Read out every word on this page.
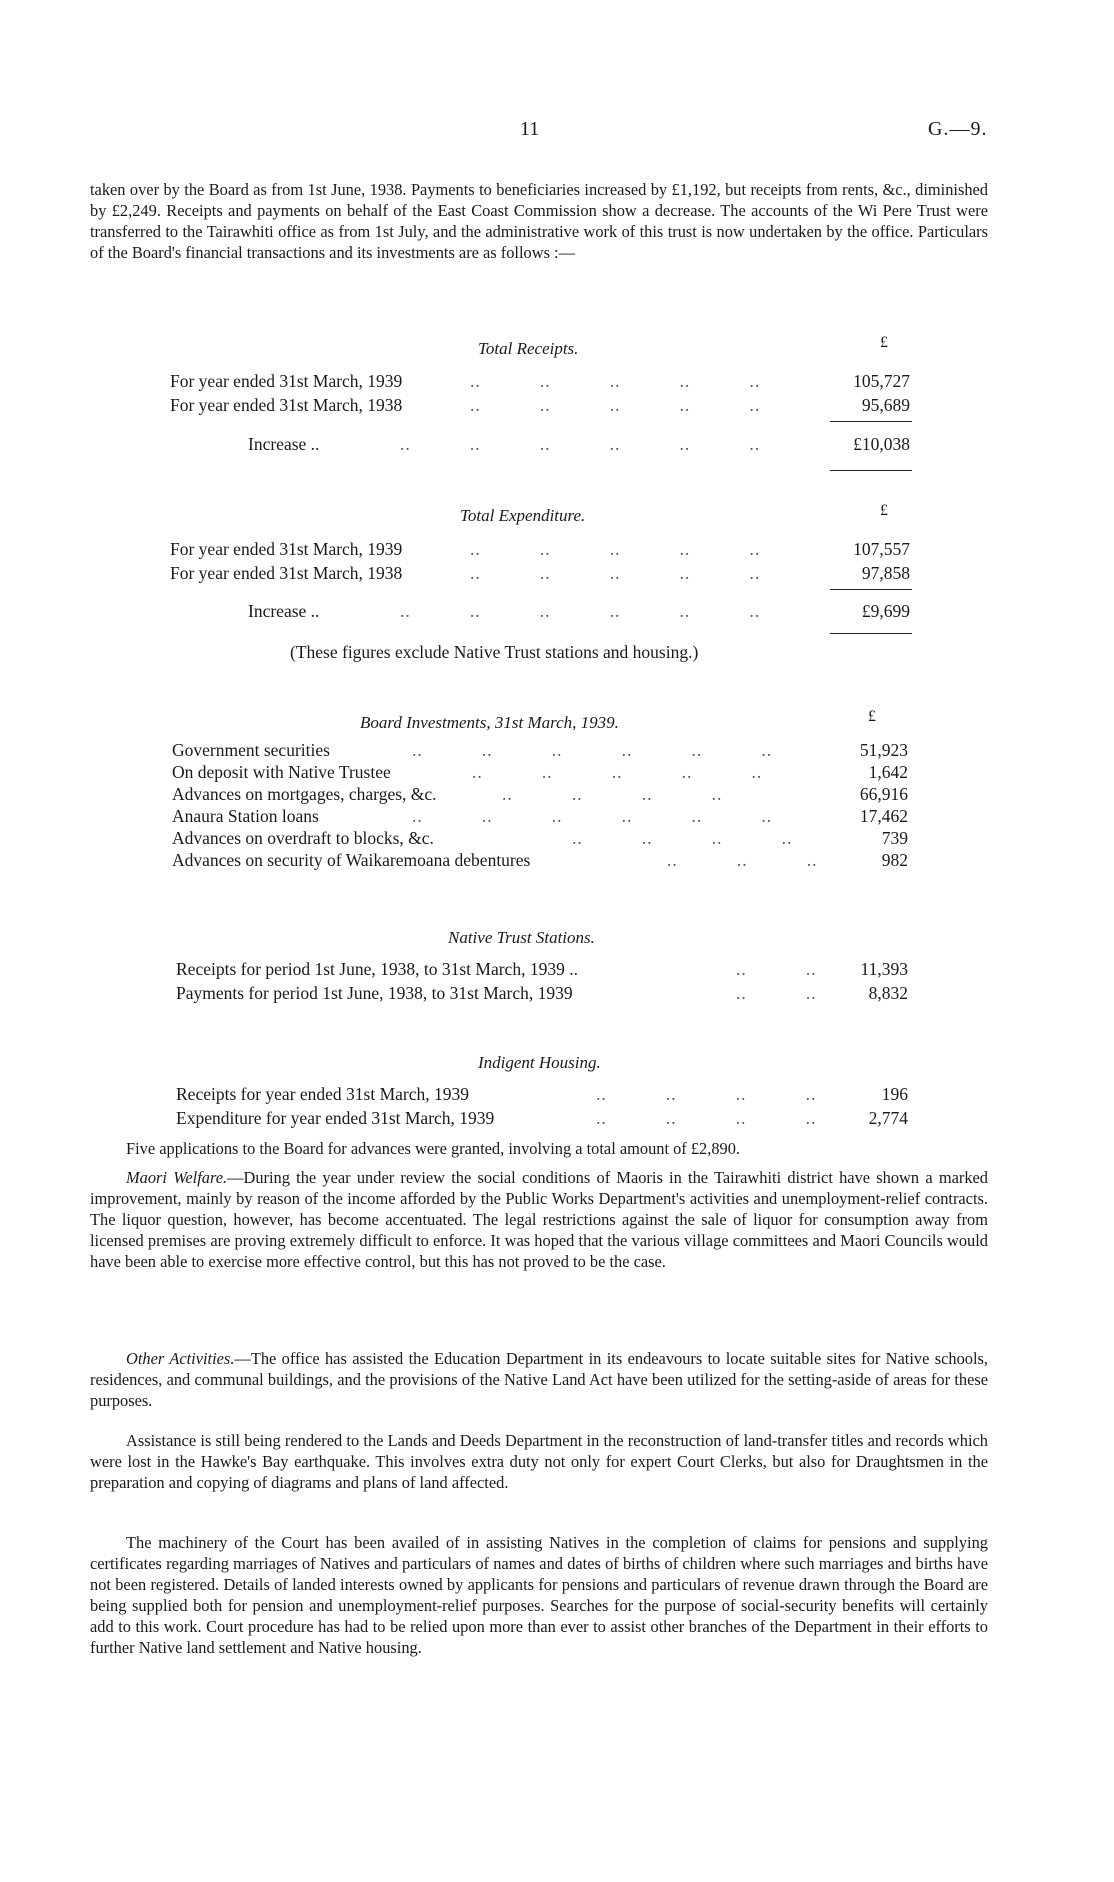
11	G.—9.

taken over by the Board as from 1st June, 1938. Payments to beneficiaries increased by £1,192, but receipts from rents, &c., diminished by £2,249. Receipts and payments on behalf of the East Coast Commission show a decrease. The accounts of the Wi Pere Trust were transferred to the Tairawhiti office as from 1st July, and the administrative work of this trust is now undertaken by the office. Particulars of the Board's financial transactions and its investments are as follows :—

Total Receipts.	£
For year ended 31st March, 1939	..           ..           ..           ..           ..	105,727
For year ended 31st March, 1938	..           ..           ..           ..           ..	95,689
Increase ..	..           ..           ..           ..           ..           ..	£10,038
Total Expenditure.	£
For year ended 31st March, 1939	..           ..           ..           ..           ..	107,557
For year ended 31st March, 1938	..           ..           ..           ..           ..	97,858
Increase ..	..           ..           ..           ..           ..           ..	£9,699
(These figures exclude Native Trust stations and housing.)
Board Investments, 31st March, 1939.	£
Government securities	..           ..           ..           ..           ..           ..	51,923
On deposit with Native Trustee	..           ..           ..           ..           ..	1,642
Advances on mortgages, charges, &c.	..           ..           ..           ..	66,916
Anaura Station loans	..           ..           ..           ..           ..           ..	17,462
Advances on overdraft to blocks, &c.	..           ..           ..           ..	739
Advances on security of Waikaremoana debentures	..           ..           ..	982
Native Trust Stations.
Receipts for period 1st June, 1938, to 31st March, 1939 ..	..           ..	11,393
Payments for period 1st June, 1938, to 31st March, 1939	..           ..	8,832
Indigent Housing.
Receipts for year ended 31st March, 1939	..           ..           ..           ..	196
Expenditure for year ended 31st March, 1939	..           ..           ..           ..	2,774

Five applications to the Board for advances were granted, involving a total amount of £2,890.

Maori Welfare.—During the year under review the social conditions of Maoris in the Tairawhiti district have shown a marked improvement, mainly by reason of the income afforded by the Public Works Department's activities and unemployment-relief contracts. The liquor question, however, has become accentuated. The legal restrictions against the sale of liquor for consumption away from licensed premises are proving extremely difficult to enforce. It was hoped that the various village committees and Maori Councils would have been able to exercise more effective control, but this has not proved to be the case.

Other Activities.—The office has assisted the Education Department in its endeavours to locate suitable sites for Native schools, residences, and communal buildings, and the provisions of the Native Land Act have been utilized for the setting-aside of areas for these purposes.

Assistance is still being rendered to the Lands and Deeds Department in the reconstruction of land-transfer titles and records which were lost in the Hawke's Bay earthquake. This involves extra duty not only for expert Court Clerks, but also for Draughtsmen in the preparation and copying of diagrams and plans of land affected.

The machinery of the Court has been availed of in assisting Natives in the completion of claims for pensions and supplying certificates regarding marriages of Natives and particulars of names and dates of births of children where such marriages and births have not been registered. Details of landed interests owned by applicants for pensions and particulars of revenue drawn through the Board are being supplied both for pension and unemployment-relief purposes. Searches for the purpose of social-security benefits will certainly add to this work. Court procedure has had to be relied upon more than ever to assist other branches of the Department in their efforts to further Native land settlement and Native housing.
